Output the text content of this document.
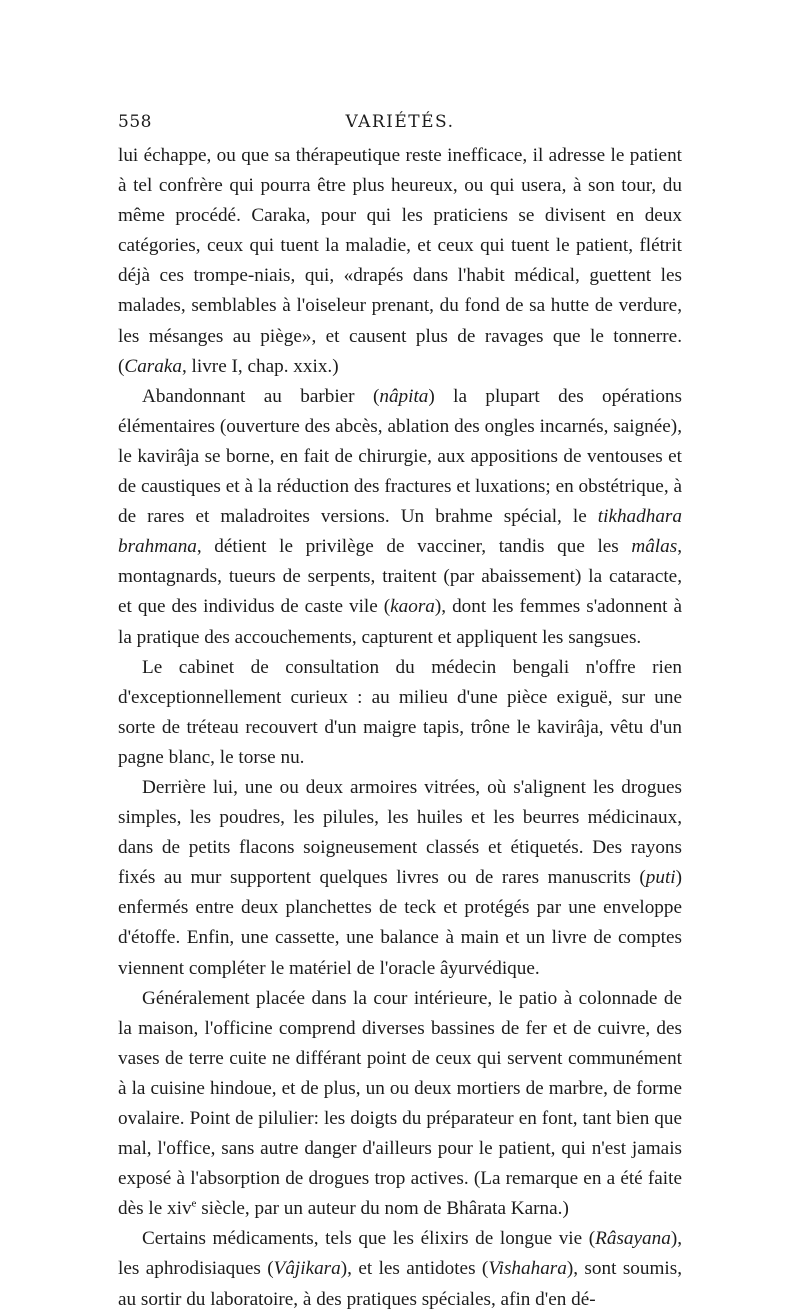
558	VARIÉTÉS.

lui échappe, ou que sa thérapeutique reste inefficace, il adresse le patient à tel confrère qui pourra être plus heureux, ou qui usera, à son tour, du même procédé. Caraka, pour qui les praticiens se divisent en deux catégories, ceux qui tuent la maladie, et ceux qui tuent le patient, flétrit déjà ces trompe-niais, qui, «drapés dans l'habit médical, guettent les malades, semblables à l'oiseleur prenant, du fond de sa hutte de verdure, les mésanges au piège», et causent plus de ravages que le tonnerre. (Caraka, livre I, chap. xxix.)

Abandonnant au barbier (nâpita) la plupart des opérations élémentaires (ouverture des abcès, ablation des ongles incarnés, saignée), le kavirâja se borne, en fait de chirurgie, aux appositions de ventouses et de caustiques et à la réduction des fractures et luxations; en obstétrique, à de rares et maladroites versions. Un brahme spécial, le tikhadhara brahmana, détient le privilège de vacciner, tandis que les mâlas, montagnards, tueurs de serpents, traitent (par abaissement) la cataracte, et que des individus de caste vile (kaora), dont les femmes s'adonnent à la pratique des accouchements, capturent et appliquent les sangsues.

Le cabinet de consultation du médecin bengali n'offre rien d'exceptionnellement curieux : au milieu d'une pièce exiguë, sur une sorte de tréteau recouvert d'un maigre tapis, trône le kavirâja, vêtu d'un pagne blanc, le torse nu.

Derrière lui, une ou deux armoires vitrées, où s'alignent les drogues simples, les poudres, les pilules, les huiles et les beurres médicinaux, dans de petits flacons soigneusement classés et étiquetés. Des rayons fixés au mur supportent quelques livres ou de rares manuscrits (puti) enfermés entre deux planchettes de teck et protégés par une enveloppe d'étoffe. Enfin, une cassette, une balance à main et un livre de comptes viennent compléter le matériel de l'oracle âyurvédique.

Généralement placée dans la cour intérieure, le patio à colonnade de la maison, l'officine comprend diverses bassines de fer et de cuivre, des vases de terre cuite ne différant point de ceux qui servent communément à la cuisine hindoue, et de plus, un ou deux mortiers de marbre, de forme ovalaire. Point de pilulier: les doigts du préparateur en font, tant bien que mal, l'office, sans autre danger d'ailleurs pour le patient, qui n'est jamais exposé à l'absorption de drogues trop actives. (La remarque en a été faite dès le xiv$^e$ siècle, par un auteur du nom de Bhârata Karna.)

Certains médicaments, tels que les élixirs de longue vie (Râsayana), les aphrodisiaques (Vâjikara), et les antidotes (Vishahara), sont soumis, au sortir du laboratoire, à des pratiques spéciales, afin d'en dé-
